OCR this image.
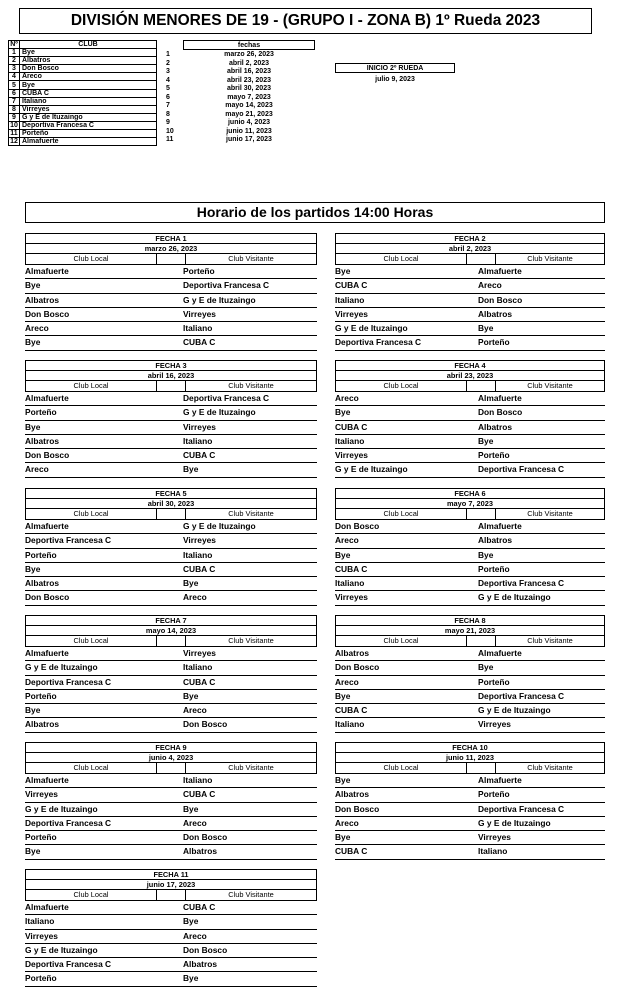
DIVISIÓN MENORES DE 19 - (GRUPO I - ZONA B) 1º Rueda 2023
Nº	CLUB
1	Bye
2	Albatros
3	Don Bosco
4	Areco
5	Bye
6	CUBA C
7	Italiano
8	Virreyes
9	G y E de Ituzaingo
10	Deportiva Francesa C
11	Porteño
12	Almafuerte
fechas
1	marzo 26, 2023
2	abril 2, 2023
3	abril 16, 2023
4	abril 23, 2023
5	abril 30, 2023
6	mayo 7, 2023
7	mayo 14, 2023
8	mayo 21, 2023
9	junio 4, 2023
10	junio 11, 2023
11	junio 17, 2023
INICIO 2º RUEDA
julio 9, 2023
Horario de los partidos 14:00 Horas
FECHA 1
marzo 26, 2023
Club Local	Club Visitante
Almafuerte	Porteño
Bye	Deportiva Francesa C
Albatros	G y E de Ituzaingo
Don Bosco	Virreyes
Areco	Italiano
Bye	CUBA C
FECHA 2
abril 2, 2023
Club Local	Club Visitante
Bye	Almafuerte
CUBA C	Areco
Italiano	Don Bosco
Virreyes	Albatros
G y E de Ituzaingo	Bye
Deportiva Francesa C	Porteño
FECHA 3
abril 16, 2023
Club Local	Club Visitante
Almafuerte	Deportiva Francesa C
Porteño	G y E de Ituzaingo
Bye	Virreyes
Albatros	Italiano
Don Bosco	CUBA C
Areco	Bye
FECHA 4
abril 23, 2023
Club Local	Club Visitante
Areco	Almafuerte
Bye	Don Bosco
CUBA C	Albatros
Italiano	Bye
Virreyes	Porteño
G y E de Ituzaingo	Deportiva Francesa C
FECHA 5
abril 30, 2023
Club Local	Club Visitante
Almafuerte	G y E de Ituzaingo
Deportiva Francesa C	Virreyes
Porteño	Italiano
Bye	CUBA C
Albatros	Bye
Don Bosco	Areco
FECHA 6
mayo 7, 2023
Club Local	Club Visitante
Don Bosco	Almafuerte
Areco	Albatros
Bye	Bye
CUBA C	Porteño
Italiano	Deportiva Francesa C
Virreyes	G y E de Ituzaingo
FECHA 7
mayo 14, 2023
Club Local	Club Visitante
Almafuerte	Virreyes
G y E de Ituzaingo	Italiano
Deportiva Francesa C	CUBA C
Porteño	Bye
Bye	Areco
Albatros	Don Bosco
FECHA 8
mayo 21, 2023
Club Local	Club Visitante
Albatros	Almafuerte
Don Bosco	Bye
Areco	Porteño
Bye	Deportiva Francesa C
CUBA C	G y E de Ituzaingo
Italiano	Virreyes
FECHA 9
junio 4, 2023
Club Local	Club Visitante
Almafuerte	Italiano
Virreyes	CUBA C
G y E de Ituzaingo	Bye
Deportiva Francesa C	Areco
Porteño	Don Bosco
Bye	Albatros
FECHA 10
junio 11, 2023
Club Local	Club Visitante
Bye	Almafuerte
Albatros	Porteño
Don Bosco	Deportiva Francesa C
Areco	G y E de Ituzaingo
Bye	Virreyes
CUBA C	Italiano
FECHA 11
junio 17, 2023
Club Local	Club Visitante
Almafuerte	CUBA C
Italiano	Bye
Virreyes	Areco
G y E de Ituzaingo	Don Bosco
Deportiva Francesa C	Albatros
Porteño	Bye
